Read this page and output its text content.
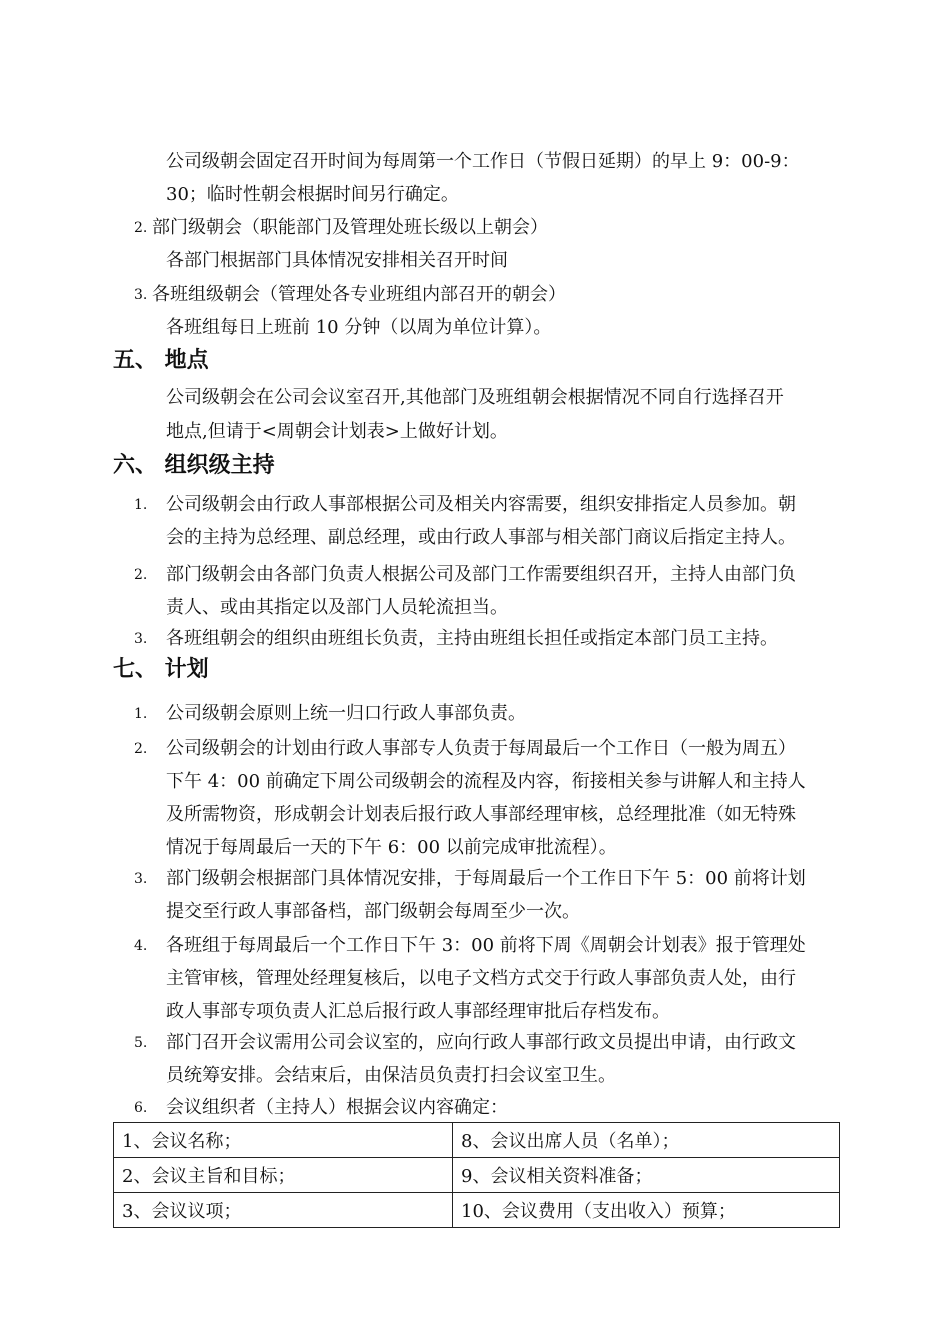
公司级朝会固定召开时间为每周第一个工作日（节假日延期）的早上 9：00-9：
30；临时性朝会根据时间另行确定。
2. 部门级朝会（职能部门及管理处班长级以上朝会）
各部门根据部门具体情况安排相关召开时间
3. 各班组级朝会（管理处各专业班组内部召开的朝会）
各班组每日上班前 10 分钟（以周为单位计算）。
五、 地点
公司级朝会在公司会议室召开,其他部门及班组朝会根据情况不同自行选择召开
地点,但请于<周朝会计划表>上做好计划。
六、 组织级主持
1. 公司级朝会由行政人事部根据公司及相关内容需要，组织安排指定人员参加。朝
会的主持为总经理、副总经理，或由行政人事部与相关部门商议后指定主持人。
2. 部门级朝会由各部门负责人根据公司及部门工作需要组织召开，主持人由部门负
责人、或由其指定以及部门人员轮流担当。
3. 各班组朝会的组织由班组长负责，主持由班组长担任或指定本部门员工主持。
七、 计划
1. 公司级朝会原则上统一归口行政人事部负责。
2. 公司级朝会的计划由行政人事部专人负责于每周最后一个工作日（一般为周五）
下午 4：00 前确定下周公司级朝会的流程及内容，衔接相关参与讲解人和主持人
及所需物资，形成朝会计划表后报行政人事部经理审核，总经理批准（如无特殊
情况于每周最后一天的下午 6：00 以前完成审批流程）。
3. 部门级朝会根据部门具体情况安排，于每周最后一个工作日下午 5：00 前将计划
提交至行政人事部备档，部门级朝会每周至少一次。
4. 各班组于每周最后一个工作日下午 3：00 前将下周《周朝会计划表》报于管理处
主管审核，管理处经理复核后，以电子文档方式交于行政人事部负责人处，由行
政人事部专项负责人汇总后报行政人事部经理审批后存档发布。
5. 部门召开会议需用公司会议室的，应向行政人事部行政文员提出申请，由行政文
员统筹安排。会结束后，由保洁员负责打扫会议室卫生。
6. 会议组织者（主持人）根据会议内容确定：
1、会议名称；	8、会议出席人员（名单）；
2、会议主旨和目标；	9、会议相关资料准备；
3、会议议项；	10、会议费用（支出收入）预算；
